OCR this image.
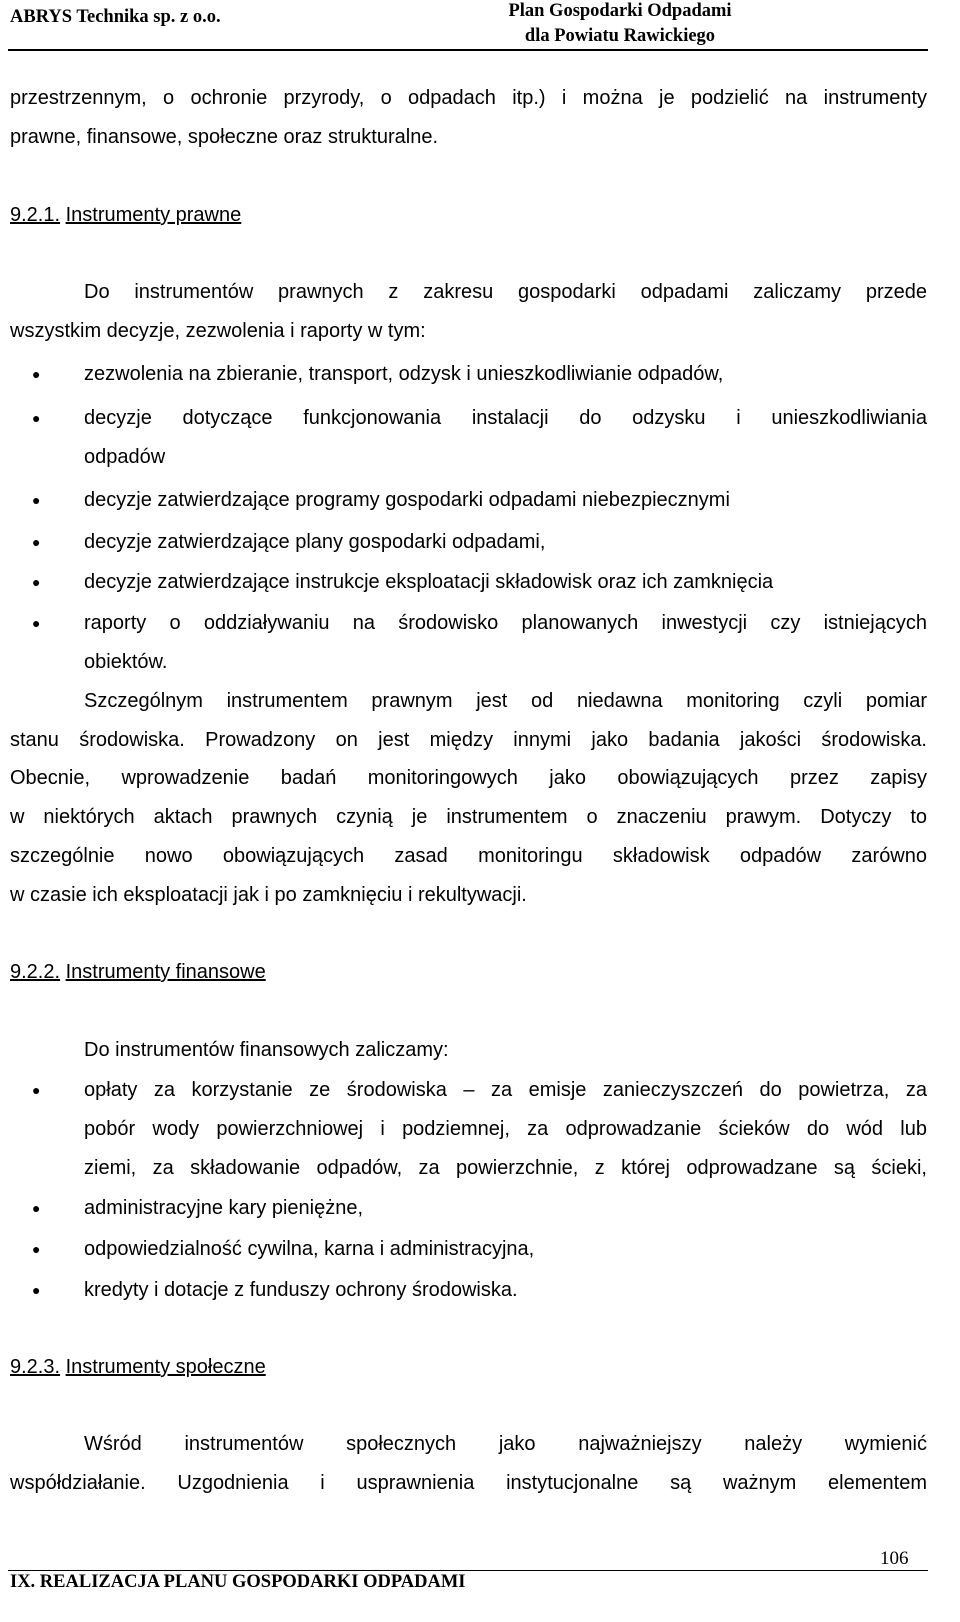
ABRYS Technika sp. z o.o.	Plan Gospodarki Odpadami
dla Powiatu Rawickiego
przestrzennym, o ochronie przyrody, o odpadach itp.) i można je podzielić na instrumenty
prawne, finansowe, społeczne oraz strukturalne.
9.2.1. Instrumenty prawne
Do instrumentów prawnych z zakresu gospodarki odpadami zaliczamy przede
wszystkim decyzje, zezwolenia i raporty w tym:
● zezwolenia na zbieranie, transport, odzysk i unieszkodliwianie odpadów,
● decyzje dotyczące funkcjonowania instalacji do odzysku i unieszkodliwiania
odpadów
● decyzje zatwierdzające programy gospodarki odpadami niebezpiecznymi
● decyzje zatwierdzające plany gospodarki odpadami,
● decyzje zatwierdzające instrukcje eksploatacji składowisk oraz ich zamknięcia
● raporty o oddziaływaniu na środowisko planowanych inwestycji czy istniejących
obiektów.
Szczególnym instrumentem prawnym jest od niedawna monitoring czyli pomiar
stanu środowiska. Prowadzony on jest między innymi jako badania jakości środowiska.
Obecnie, wprowadzenie badań monitoringowych jako obowiązujących przez zapisy
w niektórych aktach prawnych czynią je instrumentem o znaczeniu prawym. Dotyczy to
szczególnie nowo obowiązujących zasad monitoringu składowisk odpadów zarówno
w czasie ich eksploatacji jak i po zamknięciu i rekultywacji.
9.2.2. Instrumenty finansowe
Do instrumentów finansowych zaliczamy:
● opłaty za korzystanie ze środowiska – za emisje zanieczyszczeń do powietrza, za
pobór wody powierzchniowej i podziemnej, za odprowadzanie ścieków do wód lub
ziemi, za składowanie odpadów, za powierzchnie, z której odprowadzane są ścieki,
● administracyjne kary pieniężne,
● odpowiedzialność cywilna, karna i administracyjna,
● kredyty i dotacje z funduszy ochrony środowiska.
9.2.3. Instrumenty społeczne
Wśród instrumentów społecznych jako najważniejszy należy wymienić
współdziałanie. Uzgodnienia i usprawnienia instytucjonalne są ważnym elementem
106
IX. REALIZACJA PLANU GOSPODARKI ODPADAMI
